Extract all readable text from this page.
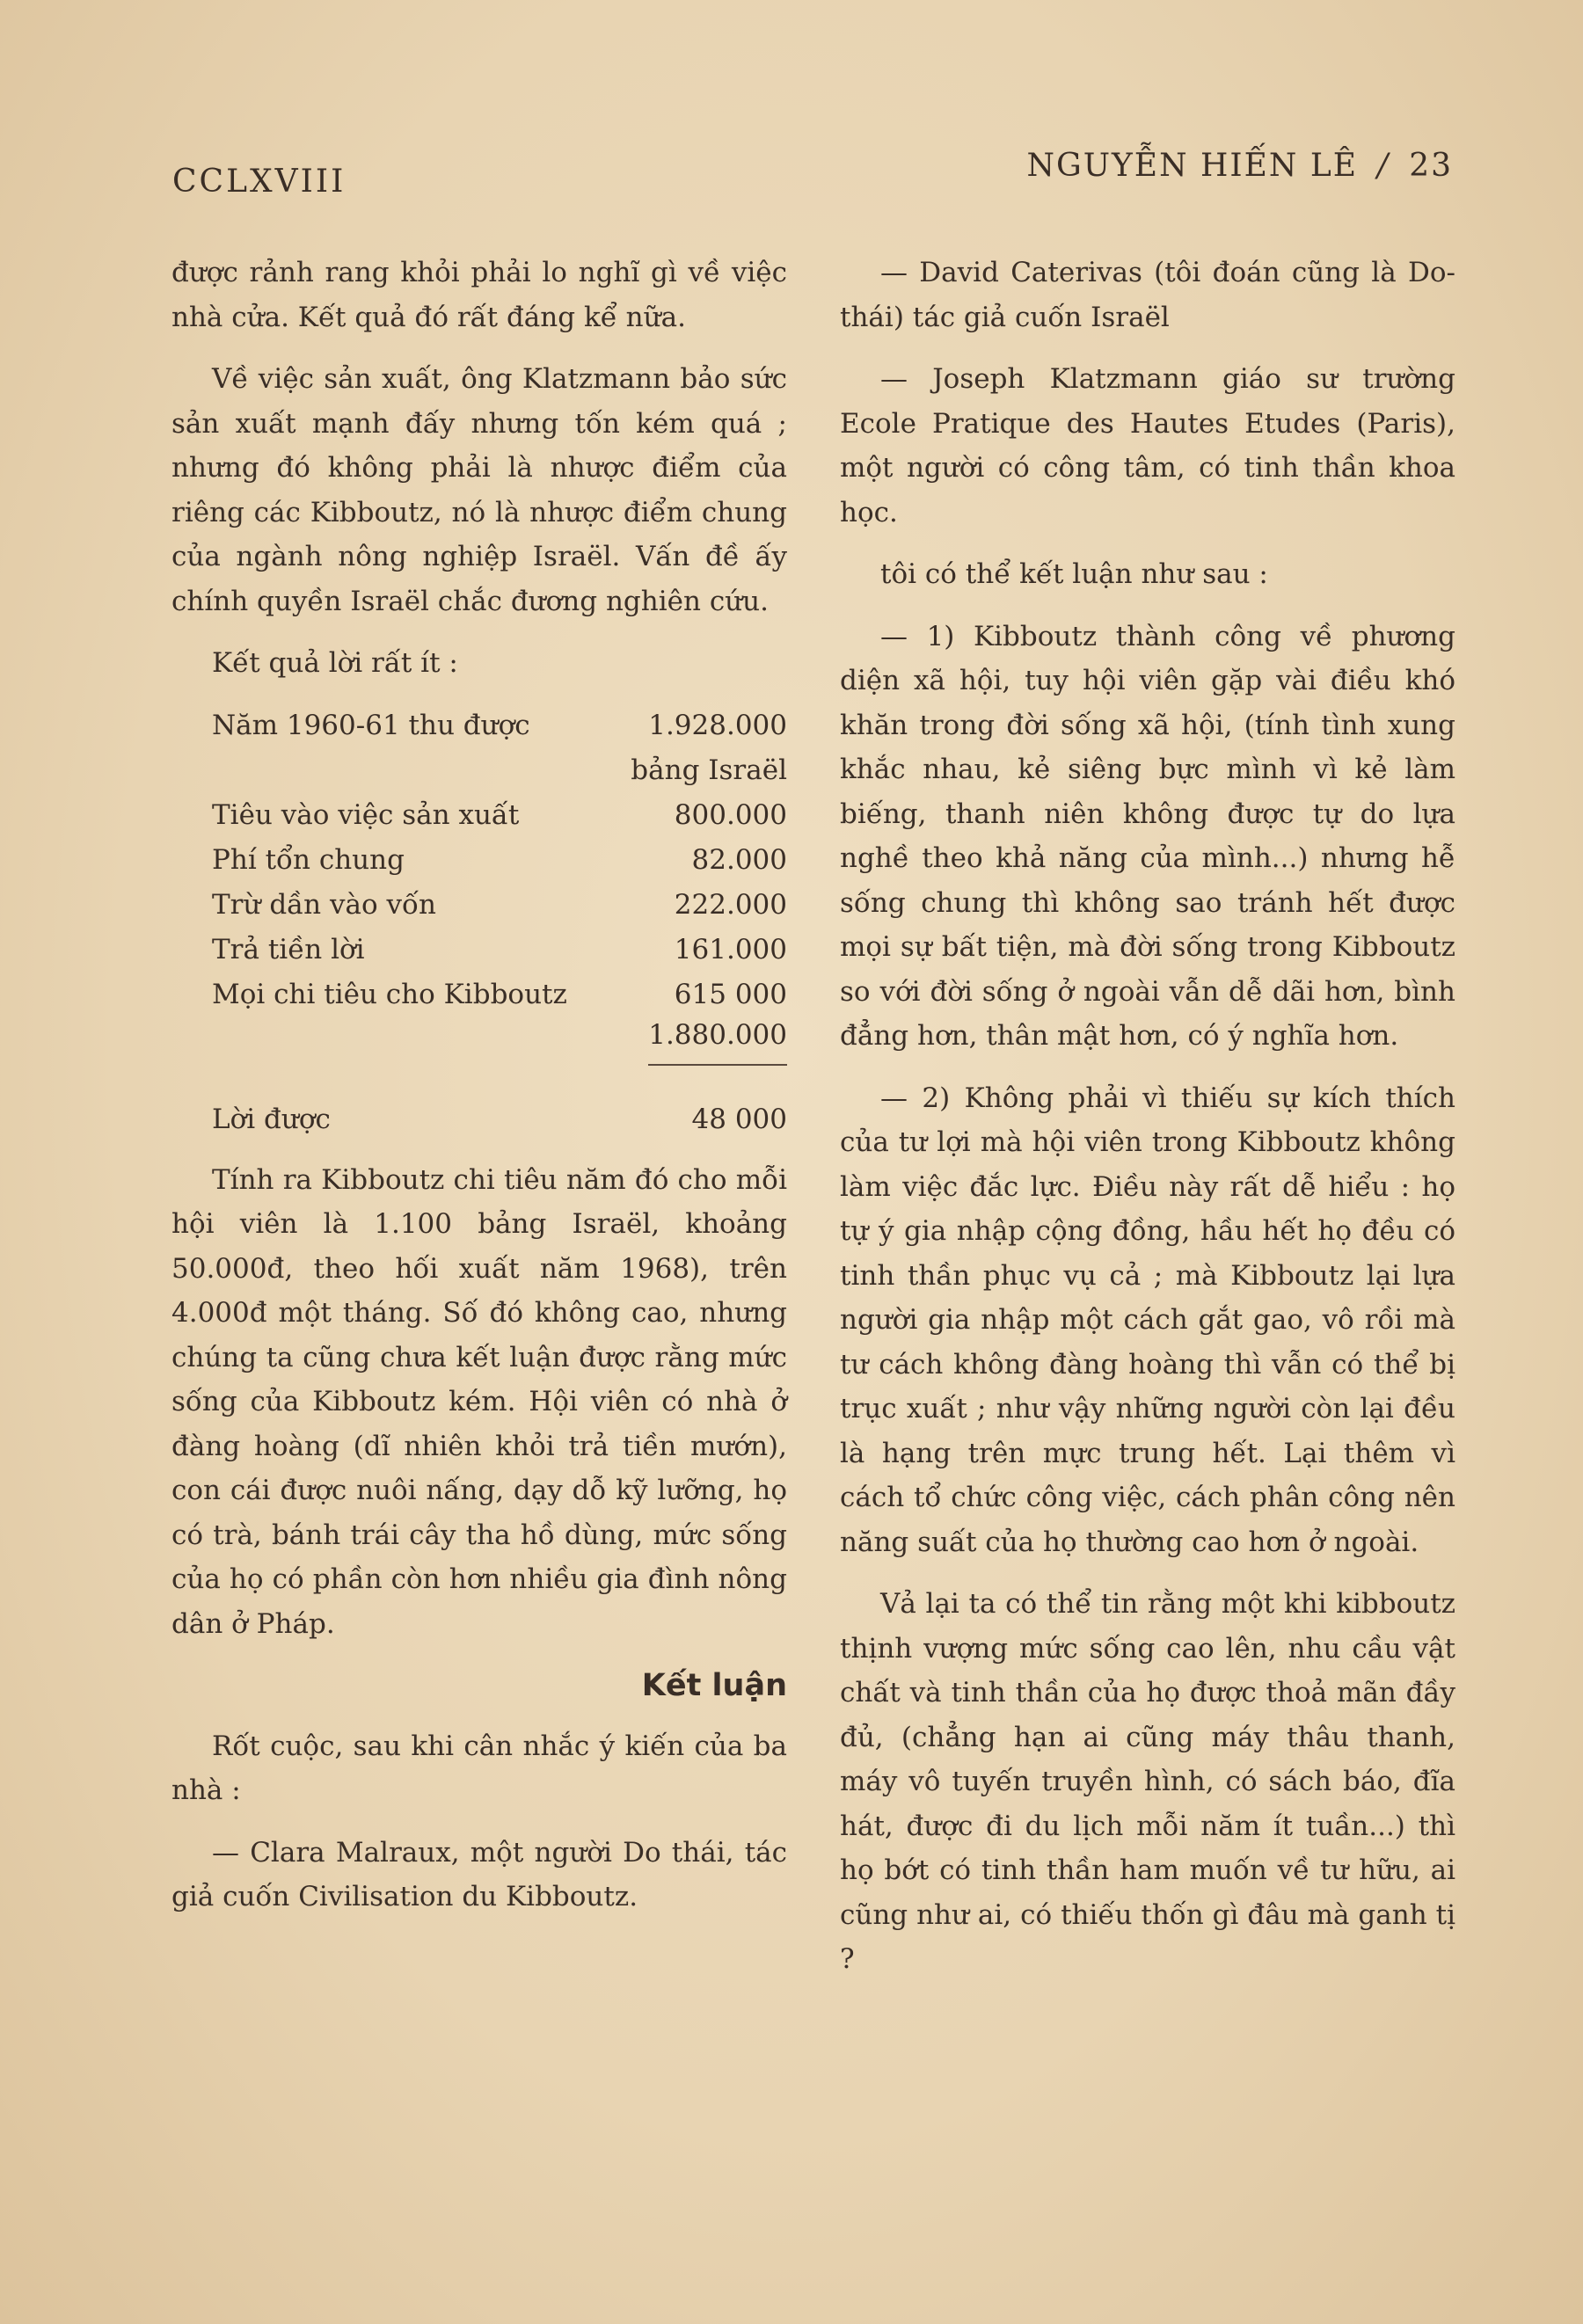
CCLXVIII	NGUYỄN HIẾN LÊ / 23

được rảnh rang khỏi phải lo nghĩ gì về việc nhà cửa. Kết quả đó rất đáng kể nữa.

Về việc sản xuất, ông Klatzmann bảo sức sản xuất mạnh đấy nhưng tốn kém quá ; nhưng đó không phải là nhược điểm của riêng các Kibboutz, nó là nhược điểm chung của ngành nông nghiệp Israël. Vấn đề ấy chính quyền Israël chắc đương nghiên cứu.

Kết quả lời rất ít :

Năm 1960-61 thu được	1.928.000
bảng Israël
Tiêu vào việc sản xuất	800.000
Phí tổn chung	82.000
Trừ dần vào vốn	222.000
Trả tiền lời	161.000
Mọi chi tiêu cho Kibboutz	615 000
1.880.000
Lời được	48 000

Tính ra Kibboutz chi tiêu năm đó cho mỗi hội viên là 1.100 bảng Israël, khoảng 50.000đ, theo hối xuất năm 1968), trên 4.000đ một tháng. Số đó không cao, nhưng chúng ta cũng chưa kết luận được rằng mức sống của Kibboutz kém. Hội viên có nhà ở đàng hoàng (dĩ nhiên khỏi trả tiền mướn), con cái được nuôi nấng, dạy dỗ kỹ lưỡng, họ có trà, bánh trái cây tha hồ dùng, mức sống của họ có phần còn hơn nhiều gia đình nông dân ở Pháp.

Kết luận

Rốt cuộc, sau khi cân nhắc ý kiến của ba nhà :

— Clara Malraux, một người Do thái, tác giả cuốn Civilisation du Kibboutz.

— David Caterivas (tôi đoán cũng là Do-thái) tác giả cuốn Israël

— Joseph Klatzmann giáo sư trường Ecole Pratique des Hautes Etudes (Paris), một người có công tâm, có tinh thần khoa học.

tôi có thể kết luận như sau :

— 1) Kibboutz thành công về phương diện xã hội, tuy hội viên gặp vài điều khó khăn trong đời sống xã hội, (tính tình xung khắc nhau, kẻ siêng bực mình vì kẻ làm biếng, thanh niên không được tự do lựa nghề theo khả năng của mình...) nhưng hễ sống chung thì không sao tránh hết được mọi sự bất tiện, mà đời sống trong Kibboutz so với đời sống ở ngoài vẫn dễ dãi hơn, bình đẳng hơn, thân mật hơn, có ý nghĩa hơn.

— 2) Không phải vì thiếu sự kích thích của tư lợi mà hội viên trong Kibboutz không làm việc đắc lực. Điều này rất dễ hiểu : họ tự ý gia nhập cộng đồng, hầu hết họ đều có tinh thần phục vụ cả ; mà Kibboutz lại lựa người gia nhập một cách gắt gao, vô rồi mà tư cách không đàng hoàng thì vẫn có thể bị trục xuất ; như vậy những người còn lại đều là hạng trên mực trung hết. Lại thêm vì cách tổ chức công việc, cách phân công nên năng suất của họ thường cao hơn ở ngoài.

Vả lại ta có thể tin rằng một khi kibboutz thịnh vượng mức sống cao lên, nhu cầu vật chất và tinh thần của họ được thoả mãn đầy đủ, (chẳng hạn ai cũng máy thâu thanh, máy vô tuyến truyền hình, có sách báo, đĩa hát, được đi du lịch mỗi năm ít tuần...) thì họ bớt có tinh thần ham muốn về tư hữu, ai cũng như ai, có thiếu thốn gì đâu mà ganh tị ?
